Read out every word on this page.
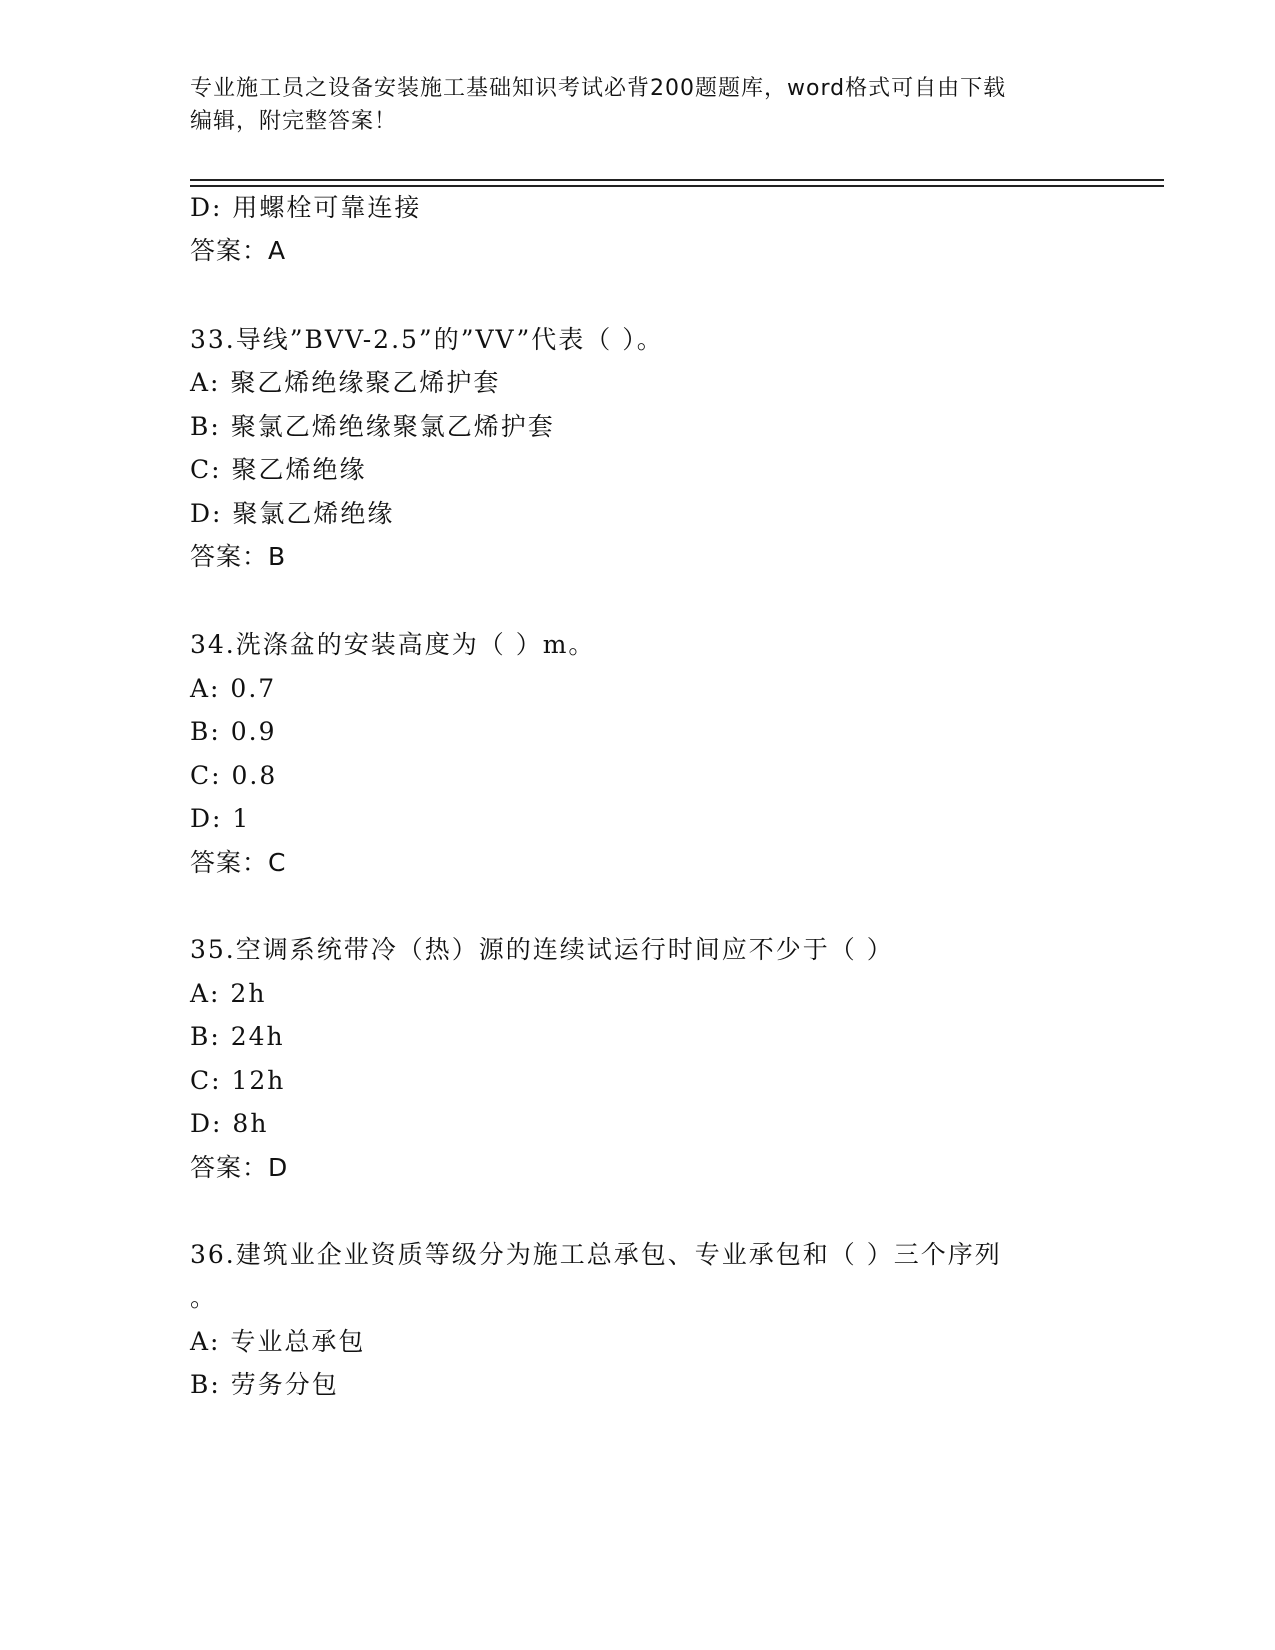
专业施工员之设备安装施工基础知识考试必背200题题库，word格式可自由下载
编辑，附完整答案！
D: 用螺栓可靠连接
答案：A
33.导线”BVV-2.5”的”VV”代表（ ）。
A: 聚乙烯绝缘聚乙烯护套
B: 聚氯乙烯绝缘聚氯乙烯护套
C: 聚乙烯绝缘
D: 聚氯乙烯绝缘
答案：B
34.洗涤盆的安装高度为（ ）m。
A: 0.7
B: 0.9
C: 0.8
D: 1
答案：C
35.空调系统带冷（热）源的连续试运行时间应不少于（ ）
A: 2h
B: 24h
C: 12h
D: 8h
答案：D
36.建筑业企业资质等级分为施工总承包、专业承包和（ ）三个序列
。
A: 专业总承包
B: 劳务分包
